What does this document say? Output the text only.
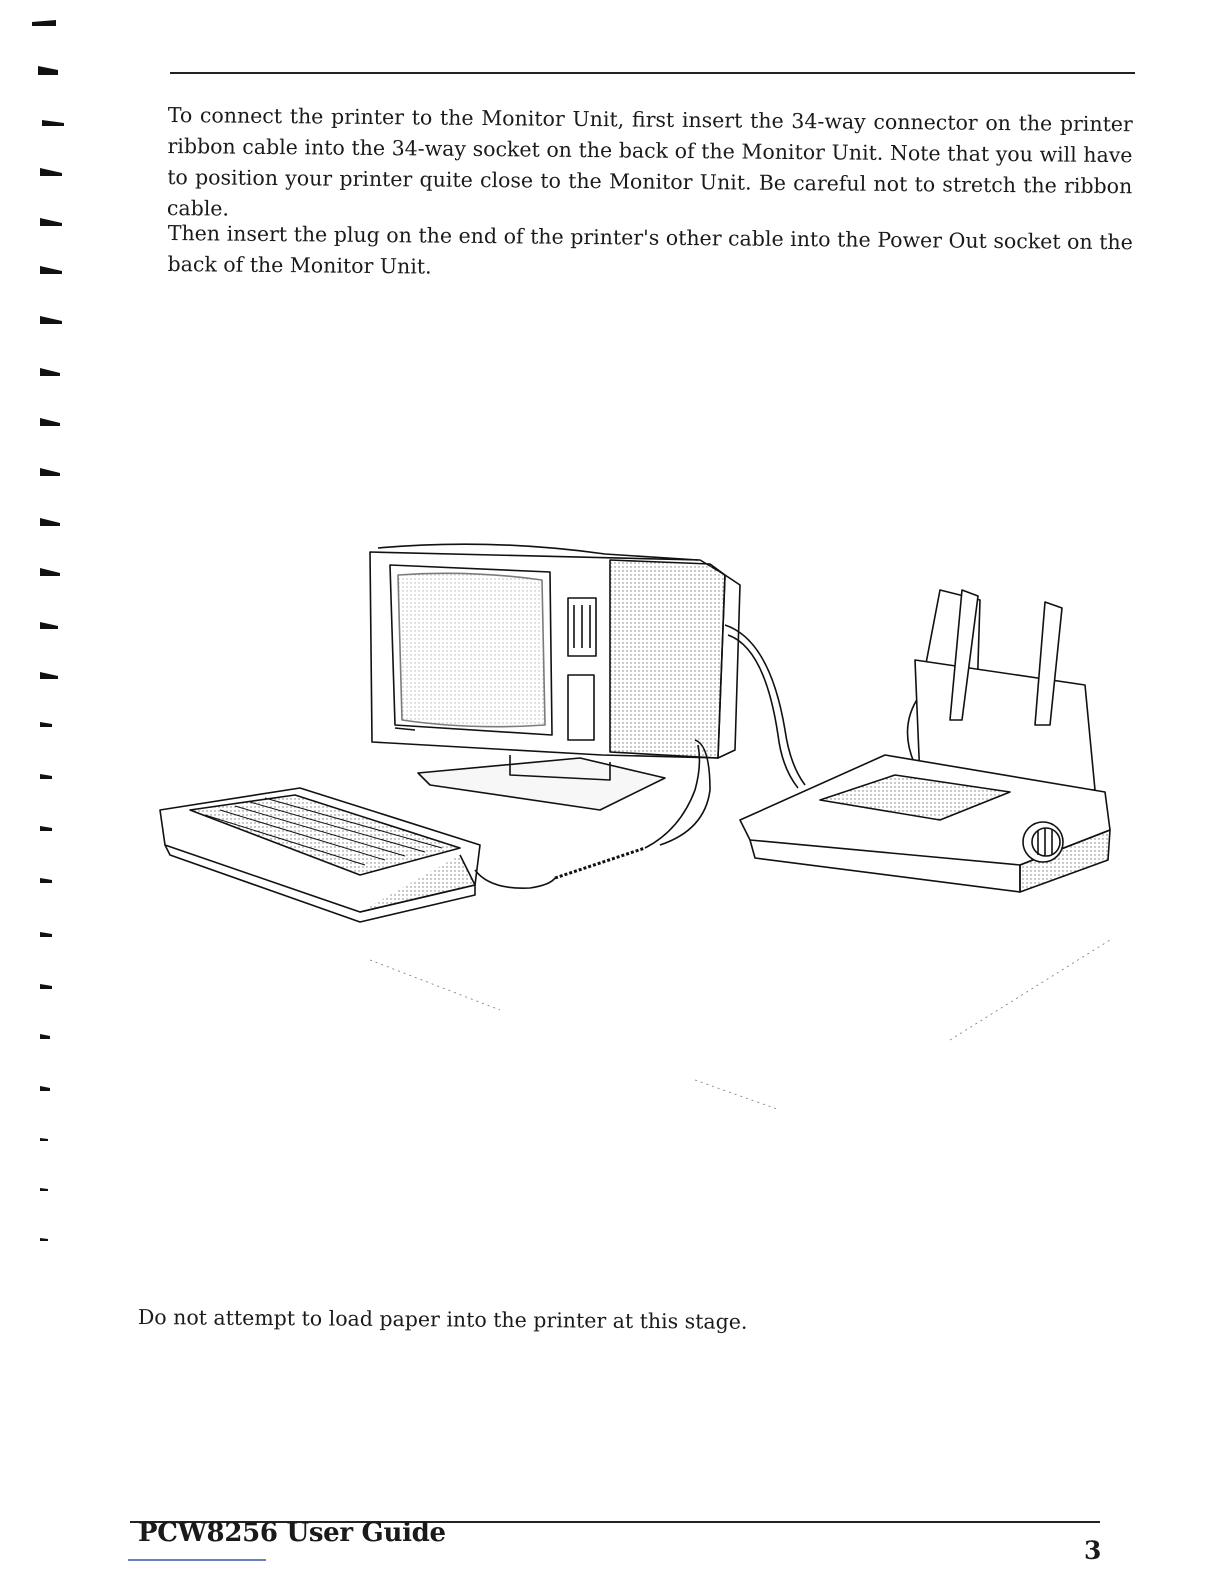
To connect the printer to the Monitor Unit, first insert the 34-way connector on the printer ribbon cable into the 34-way socket on the back of the Monitor Unit. Note that you will have to position your printer quite close to the Monitor Unit. Be careful not to stretch the ribbon cable.

Then insert the plug on the end of the printer's other cable into the Power Out socket on the back of the Monitor Unit.

Do not attempt to load paper into the printer at this stage.

PCW8256 User Guide
3
